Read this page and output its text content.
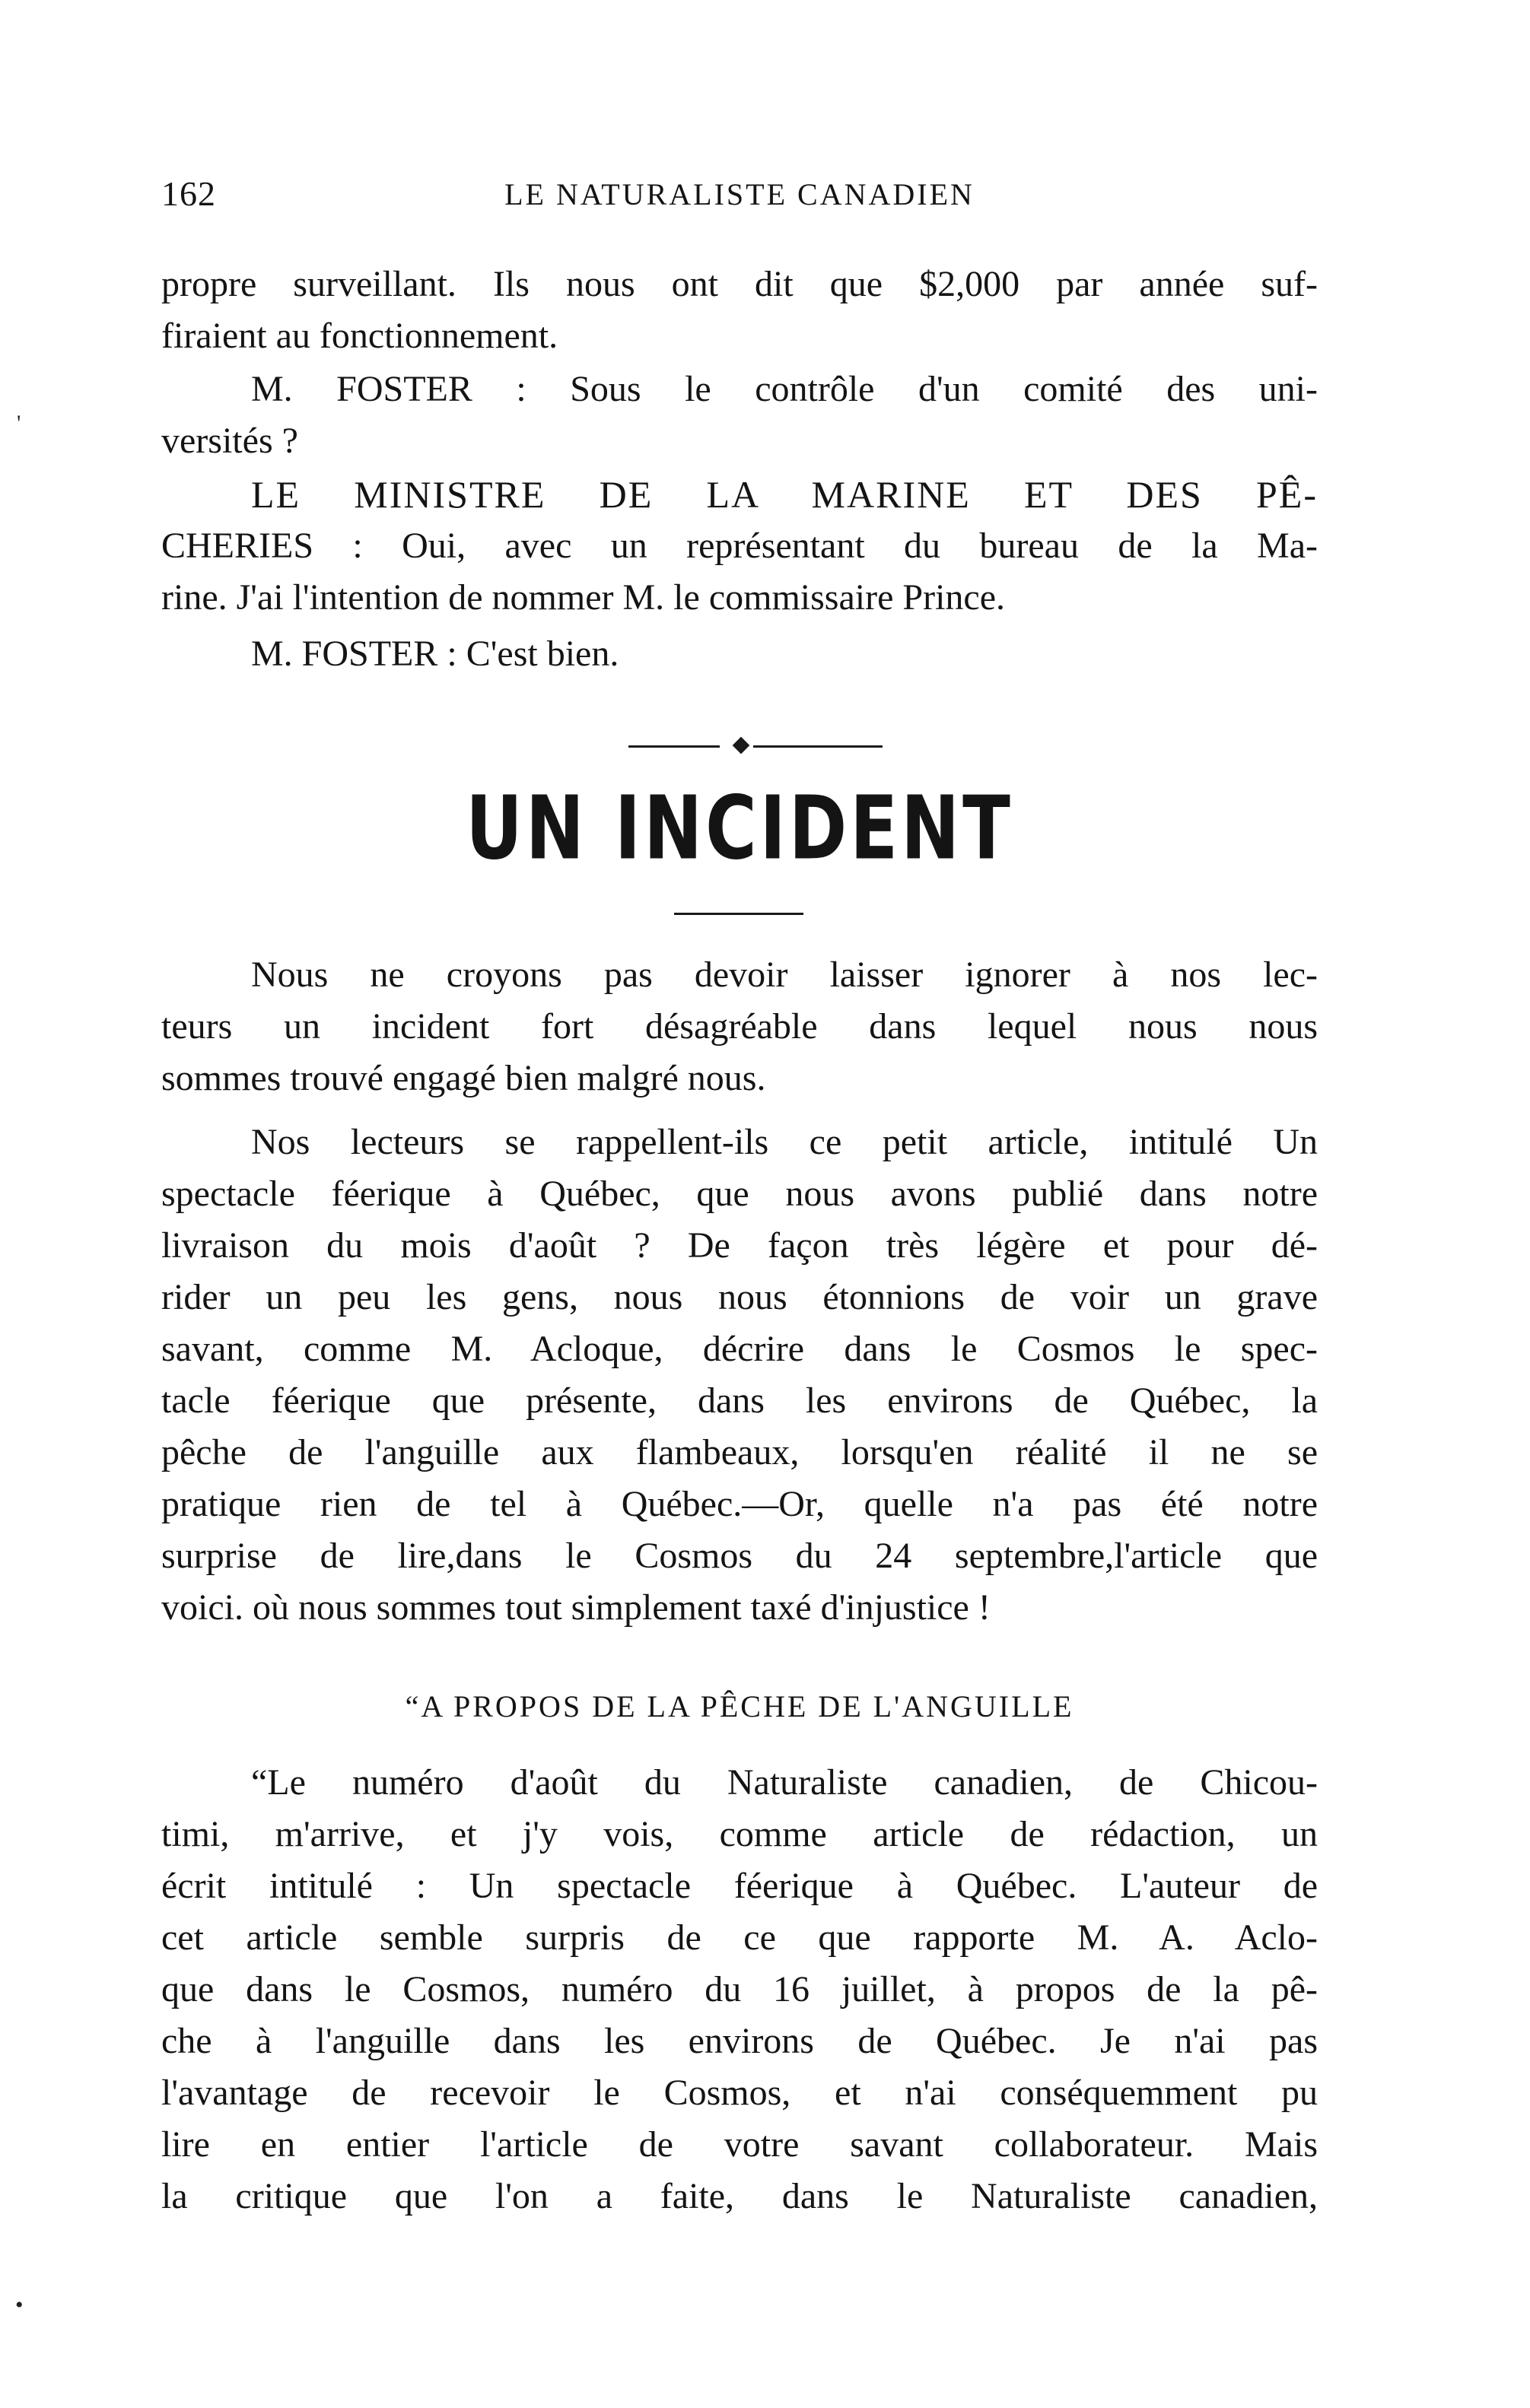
162	LE NATURALISTE CANADIEN
propre surveillant. Ils nous ont dit que $2,000 par année suf-
firaient au fonctionnement.
M. FOSTER : Sous le contrôle d'un comité des uni-
versités ?
LE MINISTRE DE LA MARINE ET DES PÊ-
CHERIES : Oui, avec un représentant du bureau de la Ma-
rine. J'ai l'intention de nommer M. le commissaire Prince.
M. FOSTER : C'est bien.
UN INCIDENT
Nous ne croyons pas devoir laisser ignorer à nos lec-
teurs un incident fort désagréable dans lequel nous nous
sommes trouvé engagé bien malgré nous.
Nos lecteurs se rappellent-ils ce petit article, intitulé Un
spectacle féerique à Québec, que nous avons publié dans notre
livraison du mois d'août ? De façon très légère et pour dé-
rider un peu les gens, nous nous étonnions de voir un grave
savant, comme M. Acloque, décrire dans le Cosmos le spec-
tacle féerique que présente, dans les environs de Québec, la
pêche de l'anguille aux flambeaux, lorsqu'en réalité il ne se
pratique rien de tel à Québec.—Or, quelle n'a pas été notre
surprise de lire,dans le Cosmos du 24 septembre,l'article que
voici. où nous sommes tout simplement taxé d'injustice !
“A PROPOS DE LA PÊCHE DE L'ANGUILLE
“Le numéro d'août du Naturaliste canadien, de Chicou-
timi, m'arrive, et j'y vois, comme article de rédaction, un
écrit intitulé : Un spectacle féerique à Québec. L'auteur de
cet article semble surpris de ce que rapporte M. A. Aclo-
que dans le Cosmos, numéro du 16 juillet, à propos de la pê-
che à l'anguille dans les environs de Québec. Je n'ai pas
l'avantage de recevoir le Cosmos, et n'ai conséquemment pu
lire en entier l'article de votre savant collaborateur. Mais
la critique que l'on a faite, dans le Naturaliste canadien,
'
•
